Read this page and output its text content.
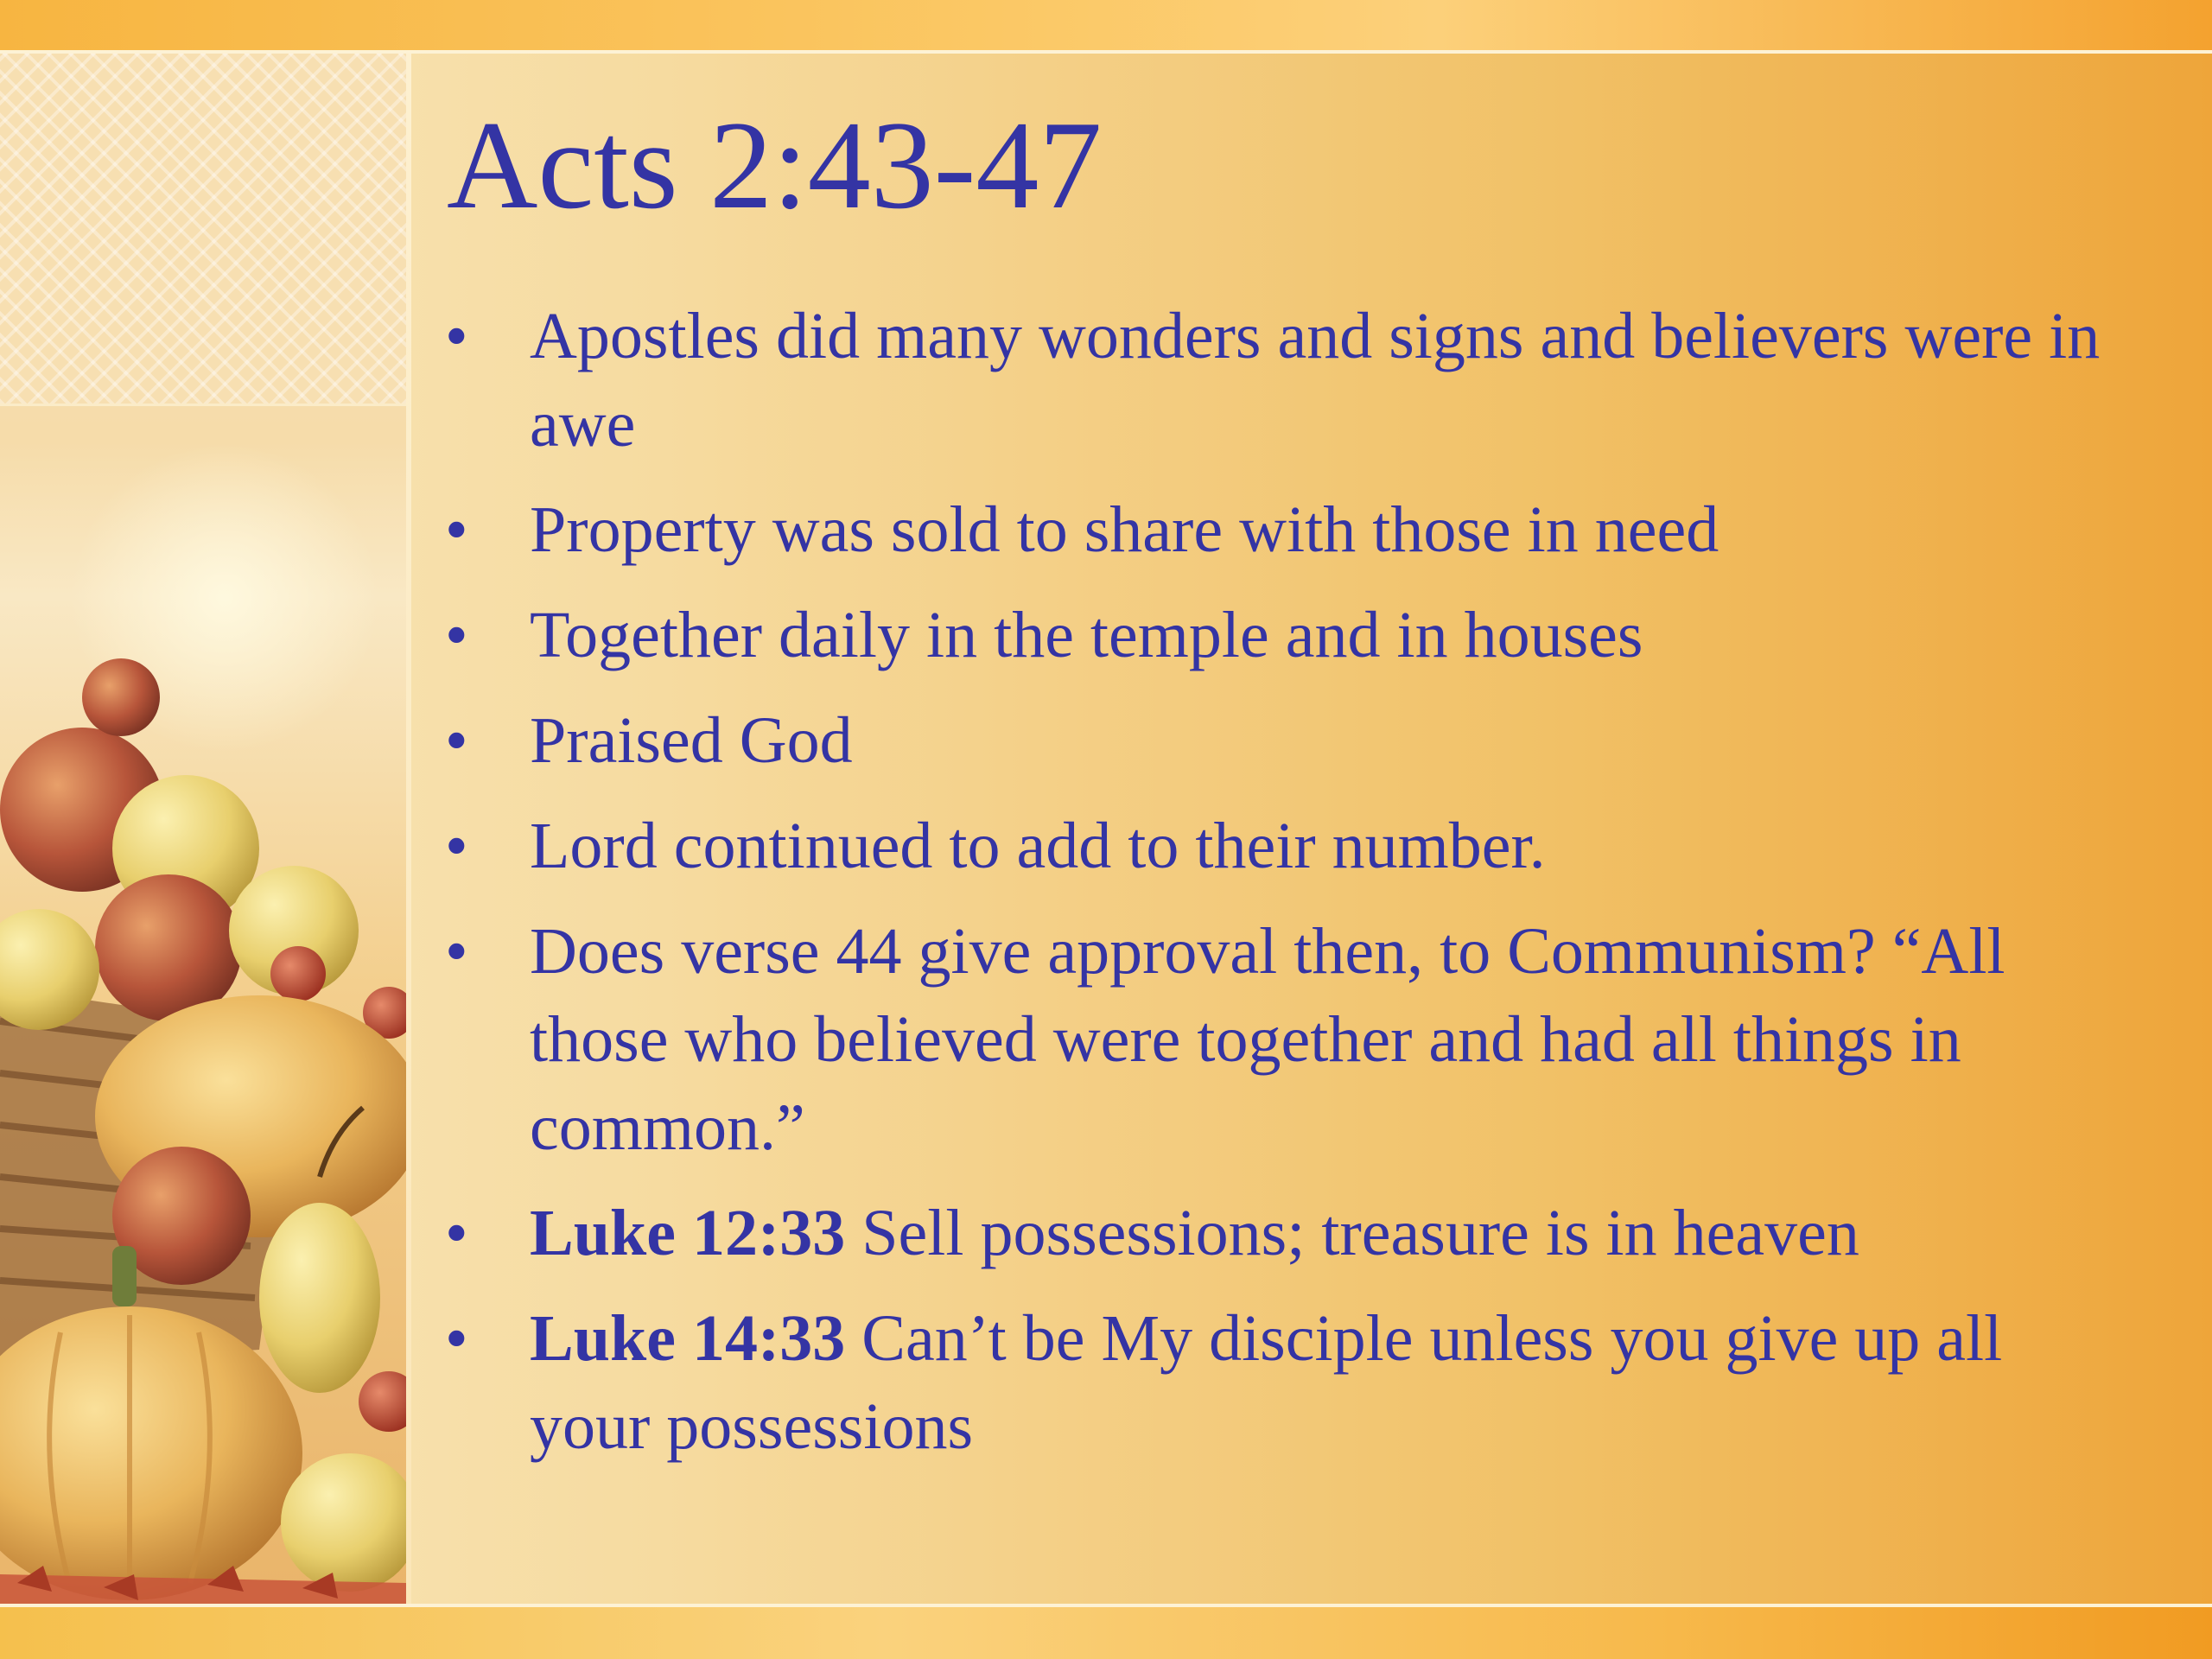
Acts 2:43-47
• Apostles did many wonders and signs and believers were in awe
• Property was sold to share with those in need
• Together daily in the temple and in houses
• Praised God
• Lord continued to add to their number.
• Does verse 44 give approval then, to Communism? “All those who believed were together and had all things in common.”
• Luke 12:33 Sell possessions; treasure is in heaven
• Luke 14:33 Can’t be My disciple unless you give up all your possessions
